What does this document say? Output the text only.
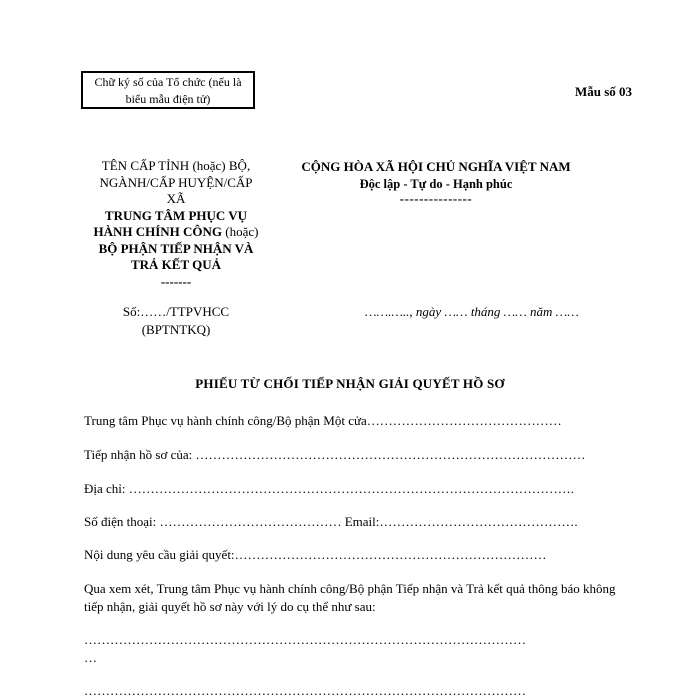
Chữ ký số của Tổ chức (nếu là
biểu mẫu điện tử)	Mẫu số 03
TÊN CẤP TỈNH (hoặc) BỘ,
NGÀNH/CẤP HUYỆN/CẤP
XÃ
TRUNG TÂM PHỤC VỤ
HÀNH CHÍNH CÔNG (hoặc)
BỘ PHẬN TIẾP NHẬN VÀ
TRẢ KẾT QUẢ
-------
CỘNG HÒA XÃ HỘI CHỦ NGHĨA VIỆT NAM
Độc lập - Tự do - Hạnh phúc
---------------
Số:……/TTPVHCC
(BPTNTKQ)
…….….., ngày …… tháng …… năm ……
PHIẾU TỪ CHỐI TIẾP NHẬN GIẢI QUYẾT HỒ SƠ
Trung tâm Phục vụ hành chính công/Bộ phận Một cửa………………………………………
Tiếp nhận hồ sơ của: ………………………………………………………………………………
Địa chỉ: ………………………………………………………………………………………….
Số điện thoại: …………………………………… Email:……………………………………….
Nội dung yêu cầu giải quyết:………………………………………………………………
Qua xem xét, Trung tâm Phục vụ hành chính công/Bộ phận Tiếp nhận và Trả kết quả thông báo không tiếp nhận, giải quyết hồ sơ này với lý do cụ thể như sau:
…………………………………………………………………………………………
…
…………………………………………………………………………………………
